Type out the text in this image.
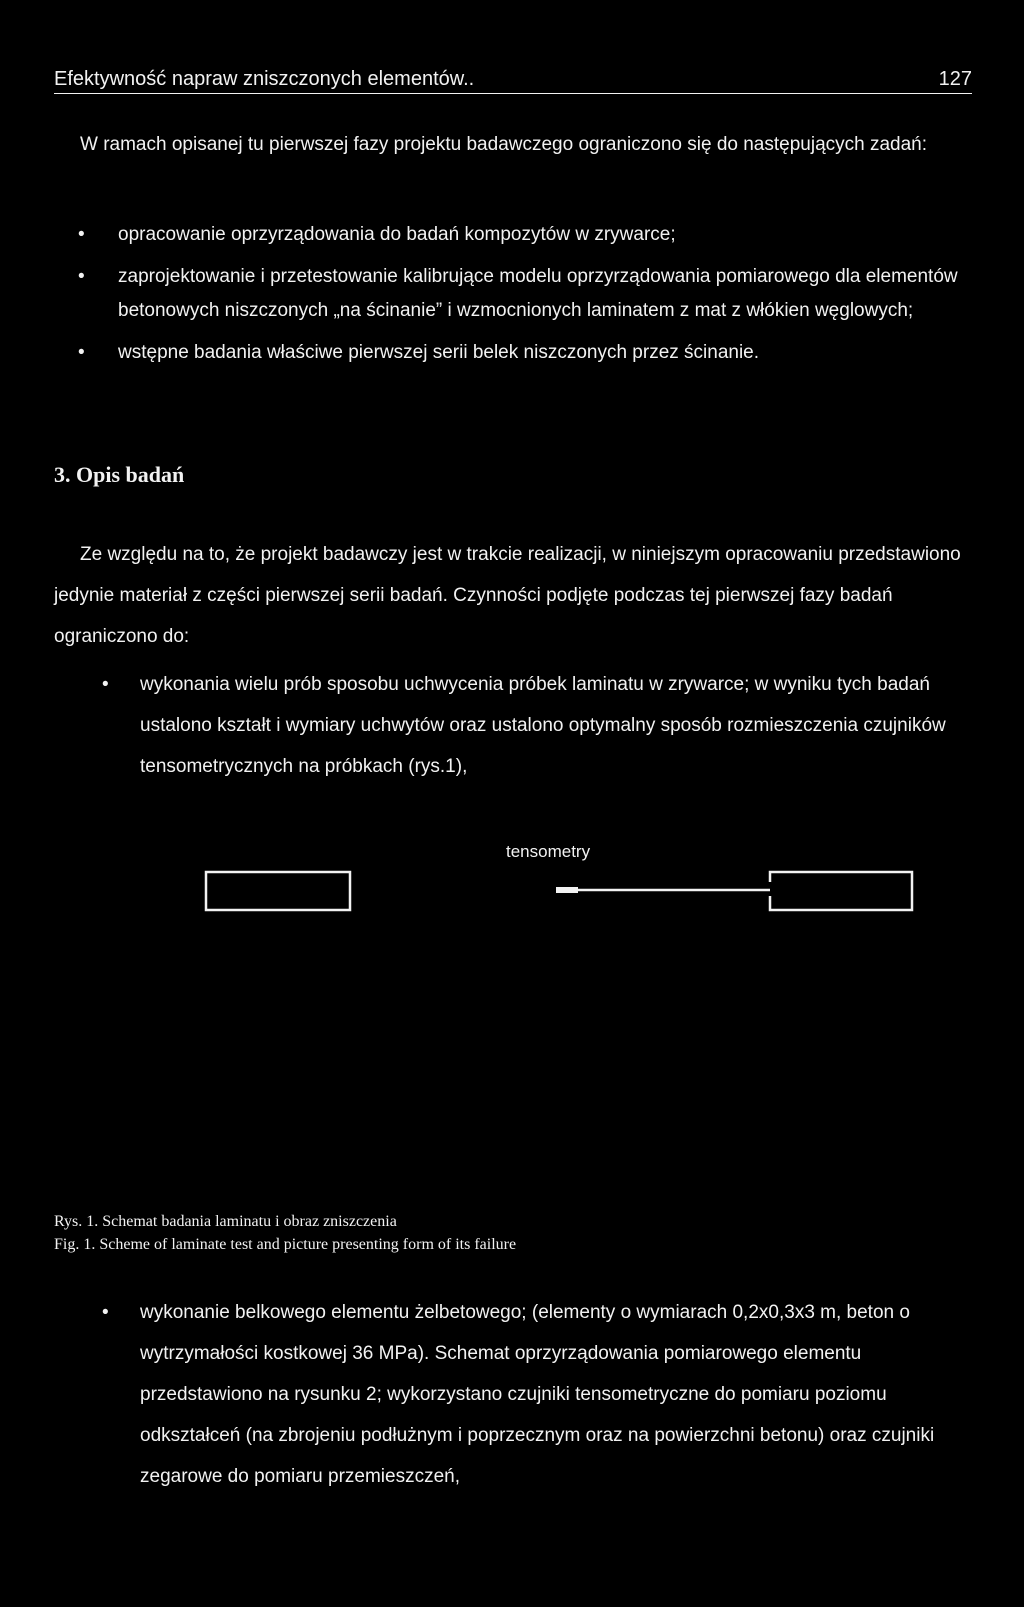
Efektywność napraw zniszczonych elementów..	127
W ramach opisanej tu pierwszej fazy projektu badawczego ograniczono się do następujących zadań:
• opracowanie oprzyrządowania do badań kompozytów w zrywarce;
• zaprojektowanie i przetestowanie kalibrujące modelu oprzyrządowania pomiarowego dla elementów betonowych niszczonych „na ścinanie” i wzmocnionych laminatem z mat z włókien węglowych;
• wstępne badania właściwe pierwszej serii belek niszczonych przez ścinanie.
3. Opis badań
Ze względu na to, że projekt badawczy jest w trakcie realizacji, w niniejszym opracowaniu przedstawiono jedynie materiał z części pierwszej serii badań. Czynności podjęte podczas tej pierwszej fazy badań ograniczono do:
• wykonania wielu prób sposobu uchwycenia próbek laminatu w zrywarce; w wyniku tych badań ustalono kształt i wymiary uchwytów oraz ustalono optymalny sposób rozmieszczenia czujników tensometrycznych na próbkach (rys.1),
tensometry
Rys. 1. Schemat badania laminatu i obraz zniszczenia
Fig. 1. Scheme of laminate test and picture presenting form of its failure
• wykonanie belkowego elementu żelbetowego; (elementy o wymiarach 0,2x0,3x3 m, beton o wytrzymałości kostkowej 36 MPa). Schemat oprzyrządowania pomiarowego elementu przedstawiono na rysunku 2; wykorzystano czujniki tensometryczne do pomiaru poziomu odkształceń (na zbrojeniu podłużnym i poprzecznym oraz na powierzchni betonu) oraz czujniki zegarowe do pomiaru przemieszczeń,
